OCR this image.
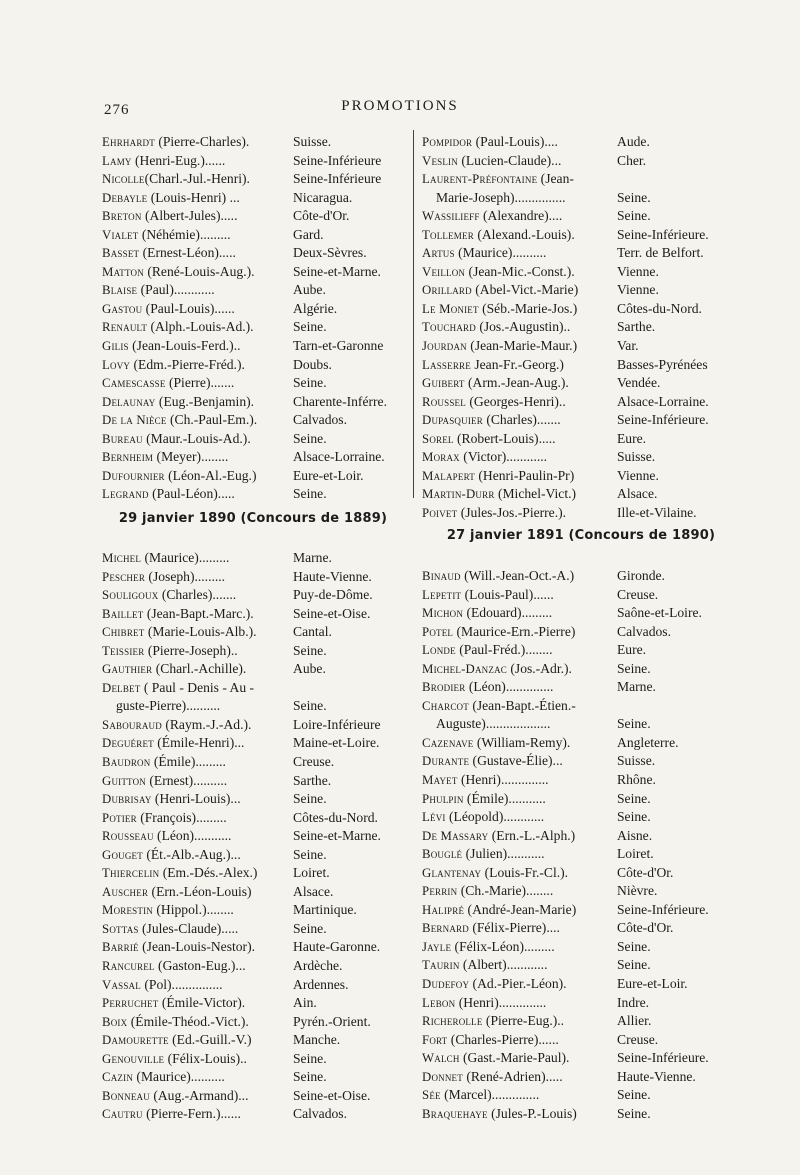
276	PROMOTIONS
Ehrhardt (Pierre-Charles).	Suisse.
Lamy (Henri-Eug.)......	Seine-Inférieure
Nicolle(Charl.-Jul.-Henri).	Seine-Inférieure
Debayle (Louis-Henri) ...	Nicaragua.
Breton (Albert-Jules).....	Côte-d'Or.
Vialet (Néhémie).........	Gard.
Basset (Ernest-Léon).....	Deux-Sèvres.
Matton (René-Louis-Aug.).	Seine-et-Marne.
Blaise (Paul)............	Aube.
Gastou (Paul-Louis)......	Algérie.
Renault (Alph.-Louis-Ad.).	Seine.
Gilis (Jean-Louis-Ferd.)..	Tarn-et-Garonne
Lovy (Edm.-Pierre-Fréd.).	Doubs.
Camescasse (Pierre).......	Seine.
Delaunay (Eug.-Benjamin).	Charente-Inférre.
De la Nièce (Ch.-Paul-Em.).	Calvados.
Bureau (Maur.-Louis-Ad.).	Seine.
Bernheim (Meyer)........	Alsace-Lorraine.
Dufournier (Léon-Al.-Eug.)	Eure-et-Loir.
Legrand (Paul-Léon).....	Seine.
29 janvier 1890 (Concours de 1889)
Michel (Maurice).........	Marne.
Pescher (Joseph).........	Haute-Vienne.
Souligoux (Charles).......	Puy-de-Dôme.
Baillet (Jean-Bapt.-Marc.).	Seine-et-Oise.
Chibret (Marie-Louis-Alb.).	Cantal.
Teissier (Pierre-Joseph)..	Seine.
Gauthier (Charl.-Achille).	Aube.
Delbet ( Paul - Denis - Au -
guste-Pierre)..........	Seine.
Sabouraud (Raym.-J.-Ad.).	Loire-Inférieure
Deguéret (Émile-Henri)...	Maine-et-Loire.
Baudron (Émile).........	Creuse.
Guitton (Ernest)..........	Sarthe.
Dubrisay (Henri-Louis)...	Seine.
Potier (François).........	Côtes-du-Nord.
Rousseau (Léon)...........	Seine-et-Marne.
Gouget (Ét.-Alb.-Aug.)...	Seine.
Thiercelin (Em.-Dés.-Alex.)	Loiret.
Auscher (Ern.-Léon-Louis)	Alsace.
Morestin (Hippol.)........	Martinique.
Sottas (Jules-Claude).....	Seine.
Barrié (Jean-Louis-Nestor).	Haute-Garonne.
Rancurel (Gaston-Eug.)...	Ardèche.
Vassal (Pol)...............	Ardennes.
Perruchet (Émile-Victor).	Ain.
Boix (Émile-Théod.-Vict.).	Pyrén.-Orient.
Damourette (Ed.-Guill.-V.)	Manche.
Genouville (Félix-Louis)..	Seine.
Cazin (Maurice)..........	Seine.
Bonneau (Aug.-Armand)...	Seine-et-Oise.
Cautru (Pierre-Fern.)......	Calvados.
Pompidor (Paul-Louis)....	Aude.
Veslin (Lucien-Claude)...	Cher.
Laurent-Préfontaine (Jean-
Marie-Joseph)...............	Seine.
Wassilieff (Alexandre)....	Seine.
Tollemer (Alexand.-Louis).	Seine-Inférieure.
Artus (Maurice)..........	Terr. de Belfort.
Veillon (Jean-Mic.-Const.).	Vienne.
Orillard (Abel-Vict.-Marie)	Vienne.
Le Moniet (Séb.-Marie-Jos.)	Côtes-du-Nord.
Touchard (Jos.-Augustin)..	Sarthe.
Jourdan (Jean-Marie-Maur.)	Var.
Lasserre Jean-Fr.-Georg.)	Basses-Pyrénées
Guibert (Arm.-Jean-Aug.).	Vendée.
Roussel (Georges-Henri)..	Alsace-Lorraine.
Dupasquier (Charles).......	Seine-Inférieure.
Sorel (Robert-Louis).....	Eure.
Morax (Victor)............	Suisse.
Malapert (Henri-Paulin-Pr)	Vienne.
Martin-Durr (Michel-Vict.)	Alsace.
Poivet (Jules-Jos.-Pierre.).	Ille-et-Vilaine.
27 janvier 1891 (Concours de 1890)
Binaud (Will.-Jean-Oct.-A.)	Gironde.
Lepetit (Louis-Paul)......	Creuse.
Michon (Edouard).........	Saône-et-Loire.
Potel (Maurice-Ern.-Pierre)	Calvados.
Londe (Paul-Fréd.)........	Eure.
Michel-Danzac (Jos.-Adr.).	Seine.
Brodier (Léon)..............	Marne.
Charcot (Jean-Bapt.-Étien.-
Auguste)...................	Seine.
Cazenave (William-Remy).	Angleterre.
Durante (Gustave-Élie)...	Suisse.
Mayet (Henri)..............	Rhône.
Phulpin (Émile)...........	Seine.
Lévi (Léopold)............	Seine.
De Massary (Ern.-L.-Alph.)	Aisne.
Bouglé (Julien)...........	Loiret.
Glantenay (Louis-Fr.-Cl.).	Côte-d'Or.
Perrin (Ch.-Marie)........	Nièvre.
Halipré (André-Jean-Marie)	Seine-Inférieure.
Bernard (Félix-Pierre)....	Côte-d'Or.
Jayle (Félix-Léon).........	Seine.
Taurin (Albert)............	Seine.
Dudefoy (Ad.-Pier.-Léon).	Eure-et-Loir.
Lebon (Henri)..............	Indre.
Richerolle (Pierre-Eug.)..	Allier.
Fort (Charles-Pierre)......	Creuse.
Walch (Gast.-Marie-Paul).	Seine-Inférieure.
Donnet (René-Adrien).....	Haute-Vienne.
Sée (Marcel)..............	Seine.
Braquehaye (Jules-P.-Louis)	Seine.
